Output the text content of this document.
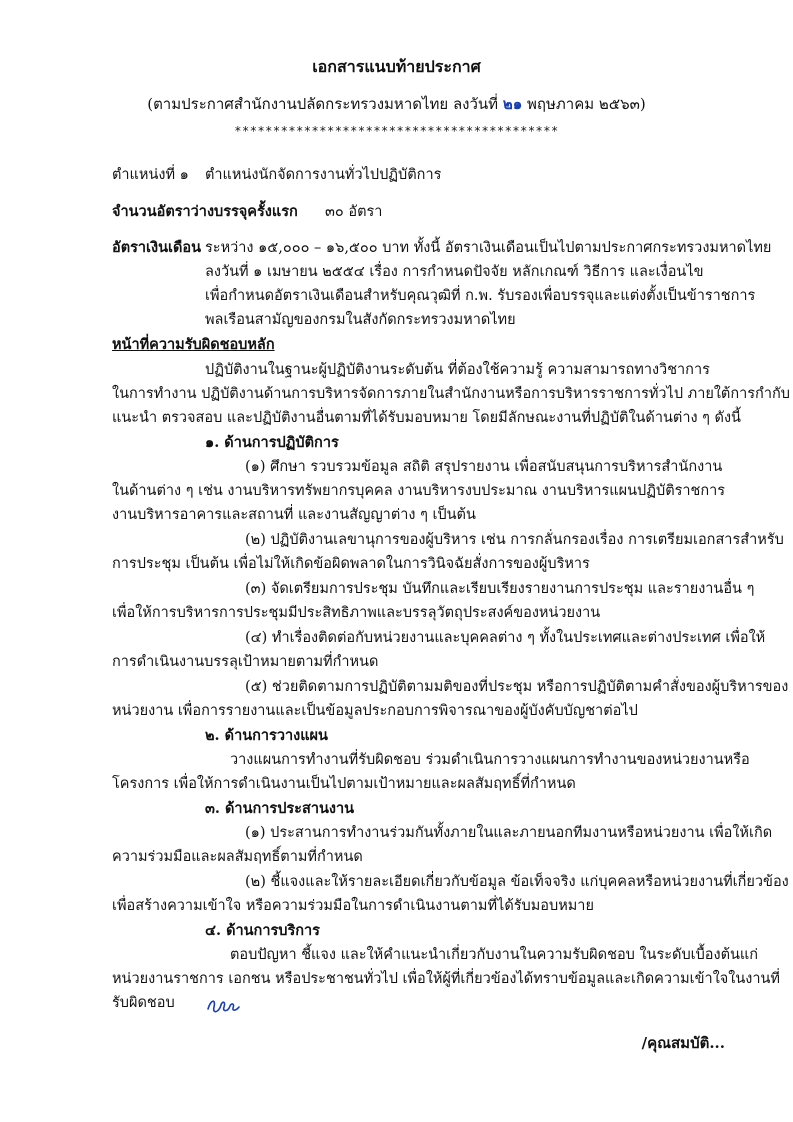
เอกสารแนบท้ายประกาศ
(ตามประกาศสำนักงานปลัดกระทรวงมหาดไทย ลงวันที่ ๒๑ พฤษภาคม ๒๕๖๓)
******************************************
ตำแหน่งที่ ๑ ตำแหน่งนักจัดการงานทั่วไปปฏิบัติการ
จำนวนอัตราว่างบรรจุครั้งแรก ๓๐ อัตรา
อัตราเงินเดือน ระหว่าง ๑๕,๐๐๐ – ๑๖,๕๐๐ บาท ทั้งนี้ อัตราเงินเดือนเป็นไปตามประกาศกระทรวงมหาดไทย
ลงวันที่ ๑ เมษายน ๒๕๕๔ เรื่อง การกำหนดปัจจัย หลักเกณฑ์ วิธีการ และเงื่อนไข
เพื่อกำหนดอัตราเงินเดือนสำหรับคุณวุฒิที่ ก.พ. รับรองเพื่อบรรจุและแต่งตั้งเป็นข้าราชการ
พลเรือนสามัญของกรมในสังกัดกระทรวงมหาดไทย
หน้าที่ความรับผิดชอบหลัก
ปฏิบัติงานในฐานะผู้ปฏิบัติงานระดับต้น ที่ต้องใช้ความรู้ ความสามารถทางวิชาการ
ในการทำงาน ปฏิบัติงานด้านการบริหารจัดการภายในสำนักงานหรือการบริหารราชการทั่วไป ภายใต้การกำกับ
แนะนำ ตรวจสอบ และปฏิบัติงานอื่นตามที่ได้รับมอบหมาย โดยมีลักษณะงานที่ปฏิบัติในด้านต่าง ๆ ดังนี้
๑. ด้านการปฏิบัติการ
(๑) ศึกษา รวบรวมข้อมูล สถิติ สรุปรายงาน เพื่อสนับสนุนการบริหารสำนักงาน
ในด้านต่าง ๆ เช่น งานบริหารทรัพยากรบุคคล งานบริหารงบประมาณ งานบริหารแผนปฏิบัติราชการ
งานบริหารอาคารและสถานที่ และงานสัญญาต่าง ๆ เป็นต้น
(๒) ปฏิบัติงานเลขานุการของผู้บริหาร เช่น การกลั่นกรองเรื่อง การเตรียมเอกสารสำหรับ
การประชุม เป็นต้น เพื่อไม่ให้เกิดข้อผิดพลาดในการวินิจฉัยสั่งการของผู้บริหาร
(๓) จัดเตรียมการประชุม บันทึกและเรียบเรียงรายงานการประชุม และรายงานอื่น ๆ
เพื่อให้การบริหารการประชุมมีประสิทธิภาพและบรรลุวัตถุประสงค์ของหน่วยงาน
(๔) ทำเรื่องติดต่อกับหน่วยงานและบุคคลต่าง ๆ ทั้งในประเทศและต่างประเทศ เพื่อให้
การดำเนินงานบรรลุเป้าหมายตามที่กำหนด
(๕) ช่วยติดตามการปฏิบัติตามมติของที่ประชุม หรือการปฏิบัติตามคำสั่งของผู้บริหารของ
หน่วยงาน เพื่อการรายงานและเป็นข้อมูลประกอบการพิจารณาของผู้บังคับบัญชาต่อไป
๒. ด้านการวางแผน
วางแผนการทำงานที่รับผิดชอบ ร่วมดำเนินการวางแผนการทำงานของหน่วยงานหรือ
โครงการ เพื่อให้การดำเนินงานเป็นไปตามเป้าหมายและผลสัมฤทธิ์ที่กำหนด
๓. ด้านการประสานงาน
(๑) ประสานการทำงานร่วมกันทั้งภายในและภายนอกทีมงานหรือหน่วยงาน เพื่อให้เกิด
ความร่วมมือและผลสัมฤทธิ์ตามที่กำหนด
(๒) ชี้แจงและให้รายละเอียดเกี่ยวกับข้อมูล ข้อเท็จจริง แก่บุคคลหรือหน่วยงานที่เกี่ยวข้อง
เพื่อสร้างความเข้าใจ หรือความร่วมมือในการดำเนินงานตามที่ได้รับมอบหมาย
๔. ด้านการบริการ
ตอบปัญหา ชี้แจง และให้คำแนะนำเกี่ยวกับงานในความรับผิดชอบ ในระดับเบื้องต้นแก่
หน่วยงานราชการ เอกชน หรือประชาชนทั่วไป เพื่อให้ผู้ที่เกี่ยวข้องได้ทราบข้อมูลและเกิดความเข้าใจในงานที่
รับผิดชอบ
/คุณสมบัติ...
